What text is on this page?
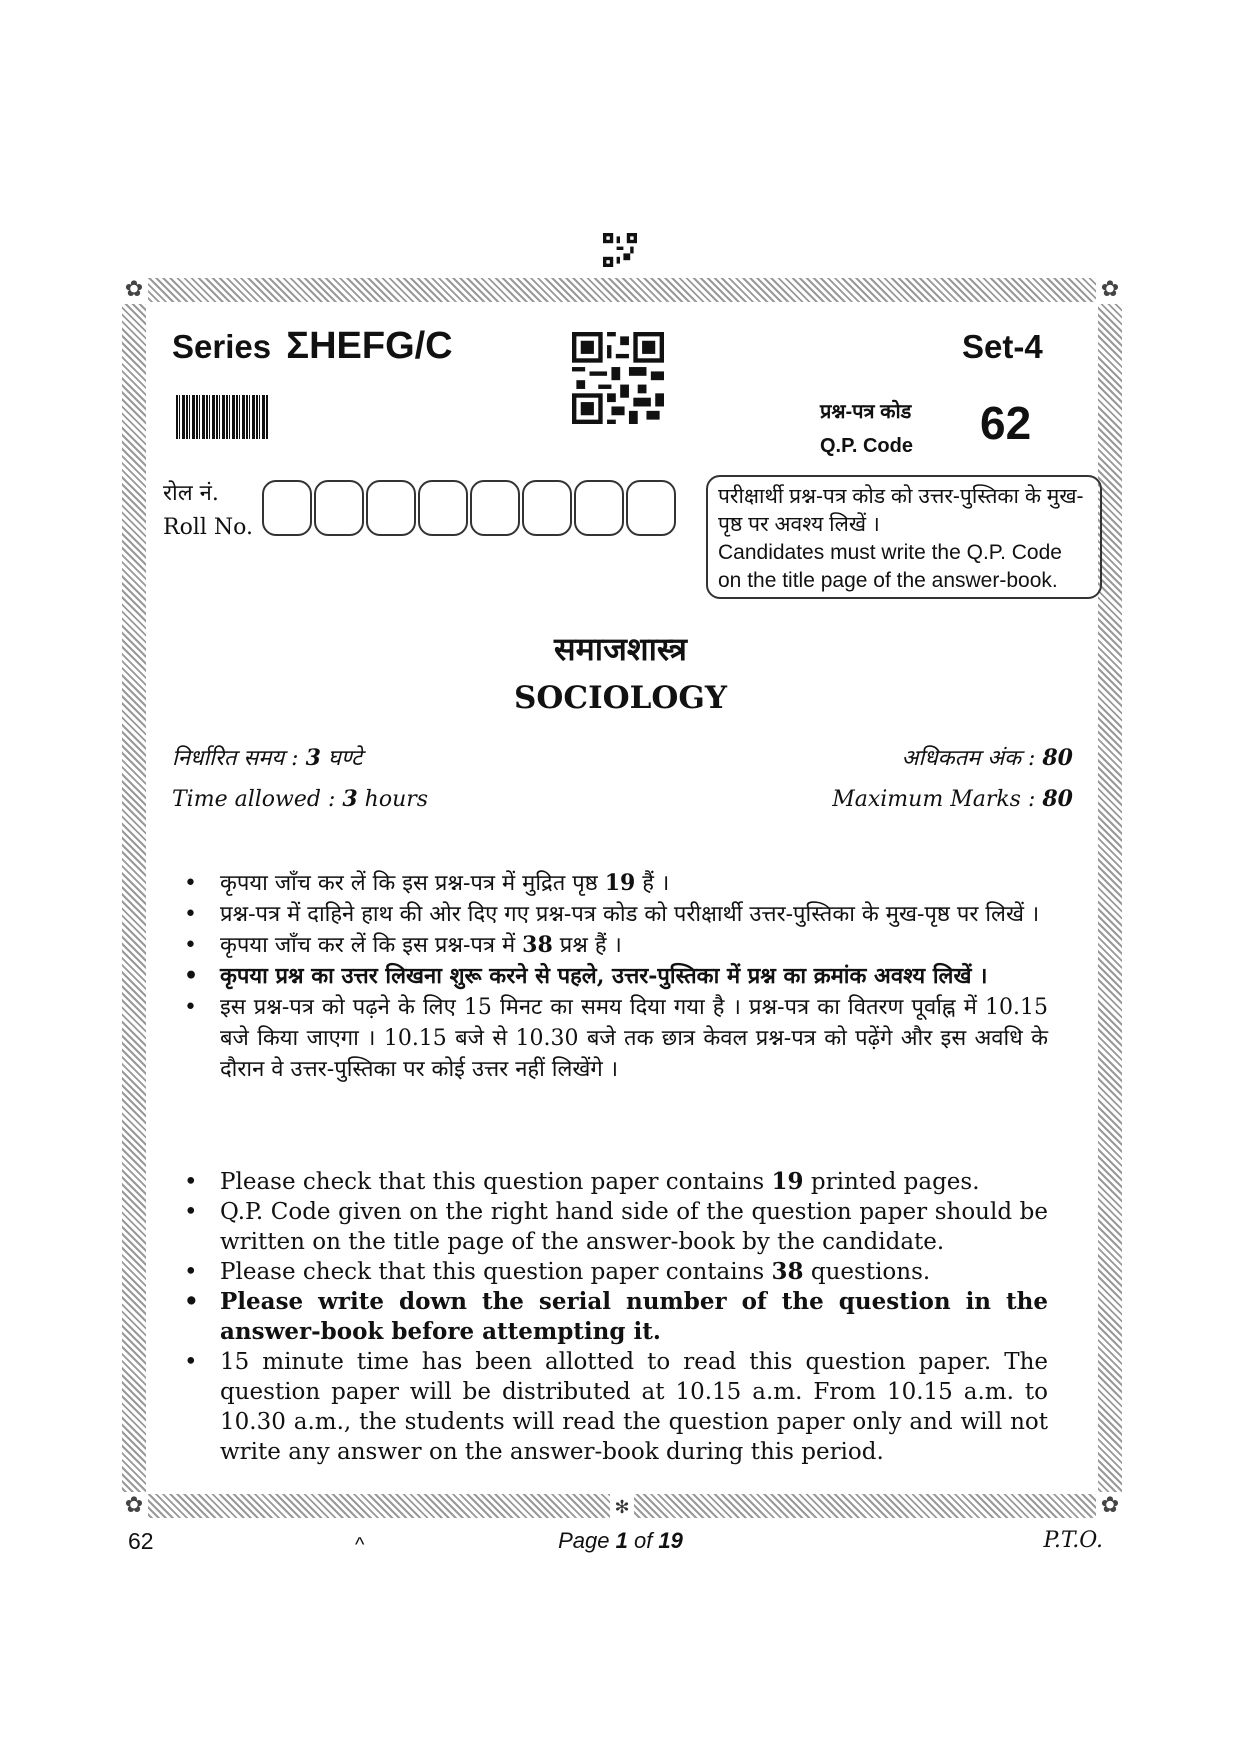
✿	✿
✿	✿
✻
Series ΣHEFG/C	Set-4
प्रश्न-पत्र कोड
Q.P. Code 62
रोल नं.
Roll No.
परीक्षार्थी प्रश्न-पत्र कोड को उत्तर-पुस्तिका के मुख-पृष्ठ पर अवश्य लिखें ।
Candidates must write the Q.P. Code on the title page of the answer-book.
समाजशास्त्र
SOCIOLOGY
निर्धारित समय : 3 घण्टे
Time allowed : 3 hours
अधिकतम अंक : 80
Maximum Marks : 80
• कृपया जाँच कर लें कि इस प्रश्न-पत्र में मुद्रित पृष्ठ 19 हैं ।
• प्रश्न-पत्र में दाहिने हाथ की ओर दिए गए प्रश्न-पत्र कोड को परीक्षार्थी उत्तर-पुस्तिका के मुख-पृष्ठ पर लिखें ।
• कृपया जाँच कर लें कि इस प्रश्न-पत्र में 38 प्रश्न हैं ।
• कृपया प्रश्न का उत्तर लिखना शुरू करने से पहले, उत्तर-पुस्तिका में प्रश्न का क्रमांक अवश्य लिखें ।
• इस प्रश्न-पत्र को पढ़ने के लिए 15 मिनट का समय दिया गया है । प्रश्न-पत्र का वितरण पूर्वाह्न में 10.15 बजे किया जाएगा । 10.15 बजे से 10.30 बजे तक छात्र केवल प्रश्न-पत्र को पढ़ेंगे और इस अवधि के दौरान वे उत्तर-पुस्तिका पर कोई उत्तर नहीं लिखेंगे ।
• Please check that this question paper contains 19 printed pages.
• Q.P. Code given on the right hand side of the question paper should be written on the title page of the answer-book by the candidate.
• Please check that this question paper contains 38 questions.
• Please write down the serial number of the question in the answer-book before attempting it.
• 15 minute time has been allotted to read this question paper. The question paper will be distributed at 10.15 a.m. From 10.15 a.m. to 10.30 a.m., the students will read the question paper only and will not write any answer on the answer-book during this period.
62	^	Page 1 of 19	P.T.O.
